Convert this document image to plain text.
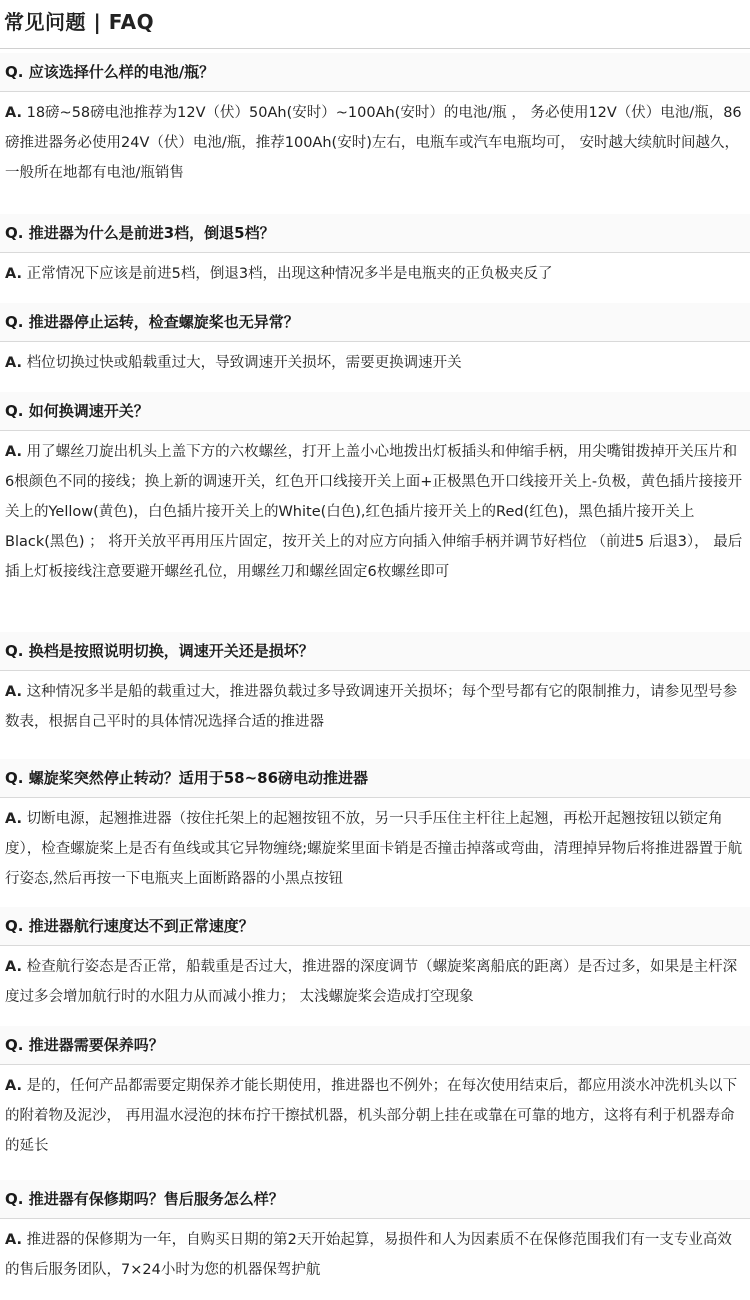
常见问题 | FAQ
Q. 应该选择什么样的电池/瓶？
A. 18磅~58磅电池推荐为12V（伏）50Ah(安时）~100Ah(安时）的电池/瓶 ， 务必使用12V（伏）电池/瓶，86磅推进器务必使用24V（伏）电池/瓶，推荐100Ah(安时)左右，电瓶车或汽车电瓶均可， 安时越大续航时间越久，一般所在地都有电池/瓶销售
Q. 推进器为什么是前进3档，倒退5档？
A. 正常情况下应该是前进5档，倒退3档，出现这种情况多半是电瓶夹的正负极夹反了
Q. 推进器停止运转，检查螺旋桨也无异常？
A. 档位切换过快或船载重过大，导致调速开关损坏，需要更换调速开关
Q. 如何换调速开关？
A. 用了螺丝刀旋出机头上盖下方的六枚螺丝，打开上盖小心地拨出灯板插头和伸缩手柄，用尖嘴钳拨掉开关压片和6根颜色不同的接线；换上新的调速开关，红色开口线接开关上面+正极黑色开口线接开关上-负极，黄色插片接接开关上的Yellow(黄色)，白色插片接开关上的White(白色),红色插片接开关上的Red(红色)，黑色插片接开关上Black(黑色) ； 将开关放平再用压片固定，按开关上的对应方向插入伸缩手柄并调节好档位 （前进5 后退3）， 最后插上灯板接线注意要避开螺丝孔位，用螺丝刀和螺丝固定6枚螺丝即可
Q. 换档是按照说明切换，调速开关还是损坏？
A. 这种情况多半是船的载重过大，推进器负载过多导致调速开关损坏；每个型号都有它的限制推力，请参见型号参数表，根据自己平时的具体情况选择合适的推进器
Q. 螺旋桨突然停止转动？适用于58~86磅电动推进器
A. 切断电源，起翘推进器（按住托架上的起翘按钮不放，另一只手压住主杆往上起翘，再松开起翘按钮以锁定角度），检查螺旋桨上是否有鱼线或其它异物缠绕;螺旋桨里面卡销是否撞击掉落或弯曲，清理掉异物后将推进器置于航行姿态,然后再按一下电瓶夹上面断路器的小黑点按钮
Q. 推进器航行速度达不到正常速度？
A. 检查航行姿态是否正常，船载重是否过大，推进器的深度调节（螺旋桨离船底的距离）是否过多，如果是主杆深度过多会增加航行时的水阻力从而减小推力； 太浅螺旋桨会造成打空现象
Q. 推进器需要保养吗？
A. 是的，任何产品都需要定期保养才能长期使用，推进器也不例外；在每次使用结束后，都应用淡水冲洗机头以下的附着物及泥沙， 再用温水浸泡的抹布拧干擦拭机器，机头部分朝上挂在或靠在可靠的地方，这将有利于机器寿命的延长
Q. 推进器有保修期吗？售后服务怎么样？
A. 推进器的保修期为一年，自购买日期的第2天开始起算，易损件和人为因素质不在保修范围我们有一支专业高效的售后服务团队，7×24小时为您的机器保驾护航
